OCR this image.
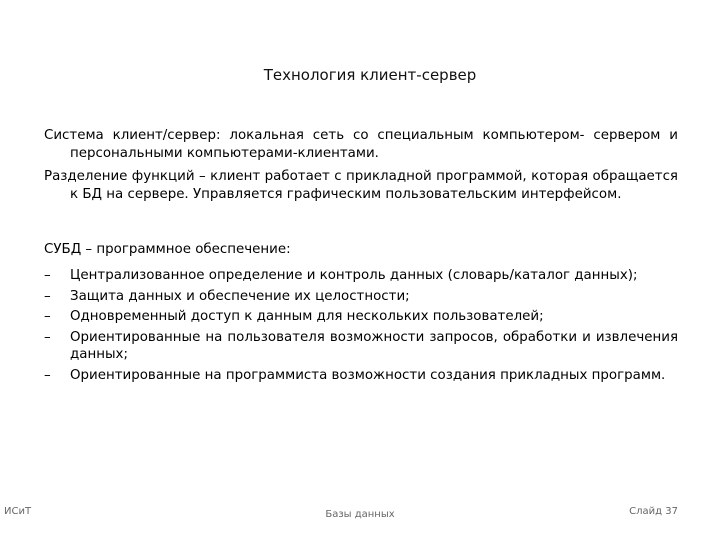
Технология клиент-сервер
Система клиент/сервер: локальная сеть со специальным компьютером- сервером и персональными компьютерами-клиентами.
Разделение функций – клиент работает с прикладной программой, которая обращается к БД на сервере. Управляется графическим пользовательским интерфейсом.
СУБД – программное обеспечение:
– Централизованное определение и контроль данных (словарь/каталог данных);
– Защита данных и обеспечение их целостности;
– Одновременный доступ к данным для нескольких пользователей;
– Ориентированные на пользователя возможности запросов, обработки и извлечения данных;
– Ориентированные на программиста возможности создания прикладных программ.
ИСиТ	Базы данных	Слайд 37
